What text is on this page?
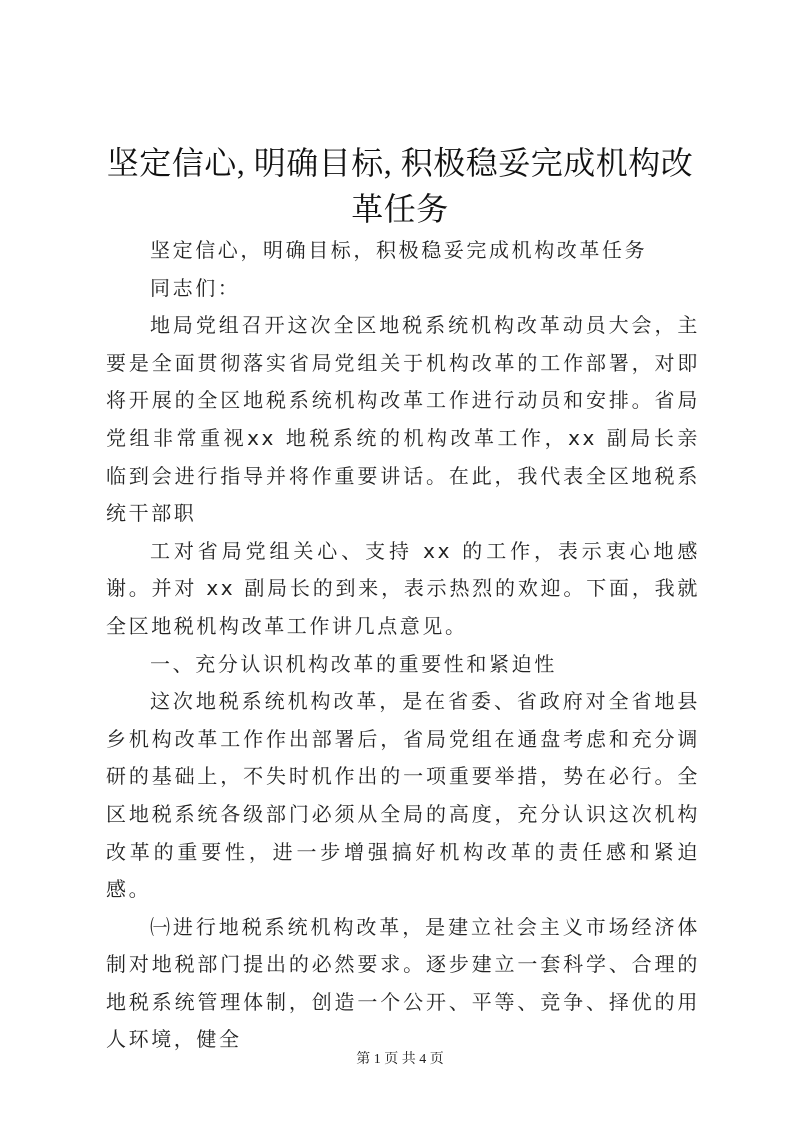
坚定信心, 明确目标, 积极稳妥完成机构改革任务

坚定信心，明确目标，积极稳妥完成机构改革任务

同志们：

地局党组召开这次全区地税系统机构改革动员大会，主要是全面贯彻落实省局党组关于机构改革的工作部署，对即将开展的全区地税系统机构改革工作进行动员和安排。省局党组非常重视xx 地税系统的机构改革工作，xx 副局长亲临到会进行指导并将作重要讲话。在此，我代表全区地税系统干部职

工对省局党组关心、支持 xx 的工作，表示衷心地感谢。并对 xx 副局长的到来，表示热烈的欢迎。下面，我就全区地税机构改革工作讲几点意见。

一、充分认识机构改革的重要性和紧迫性

这次地税系统机构改革，是在省委、省政府对全省地县乡机构改革工作作出部署后，省局党组在通盘考虑和充分调研的基础上，不失时机作出的一项重要举措，势在必行。全区地税系统各级部门必须从全局的高度，充分认识这次机构改革的重要性，进一步增强搞好机构改革的责任感和紧迫感。

㈠进行地税系统机构改革，是建立社会主义市场经济体制对地税部门提出的必然要求。逐步建立一套科学、合理的地税系统管理体制，创造一个公开、平等、竞争、择优的用人环境，健全

第 1 页 共 4 页
